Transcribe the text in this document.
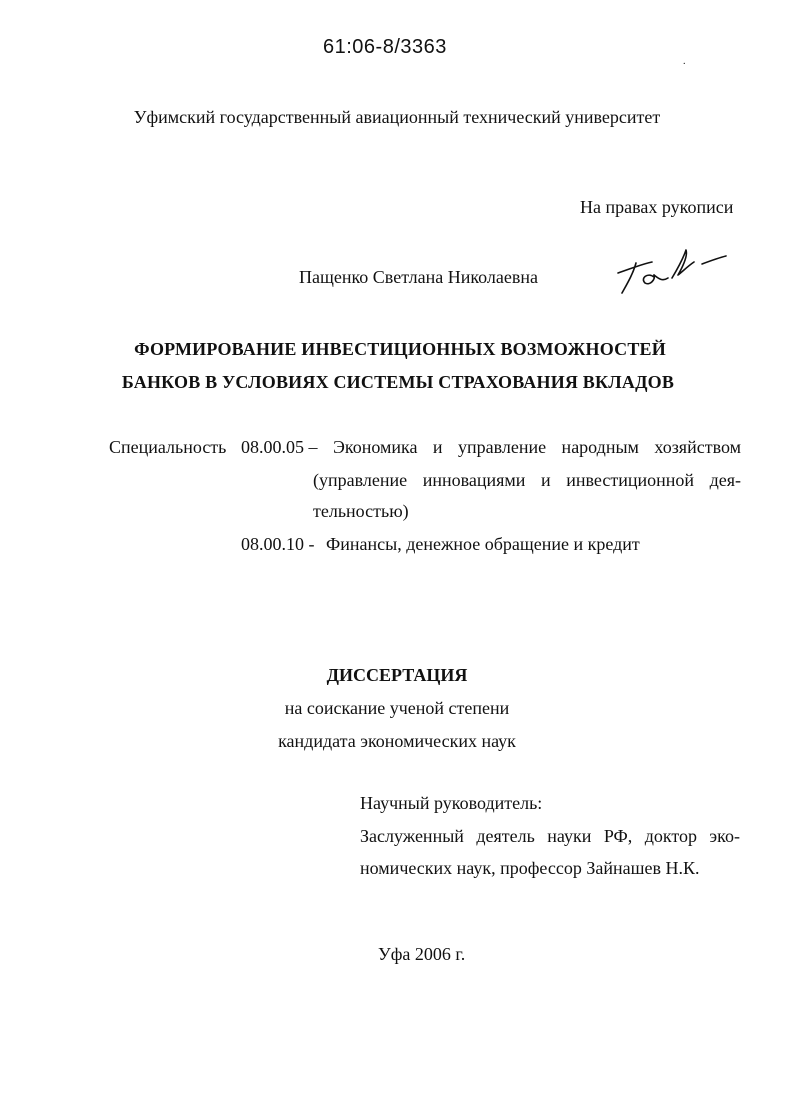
61:06-8/3363
.
Уфимский государственный авиационный технический университет
На правах рукописи
Пащенко Светлана Николаевна
ФОРМИРОВАНИЕ ИНВЕСТИЦИОННЫХ ВОЗМОЖНОСТЕЙ
БАНКОВ В УСЛОВИЯХ СИСТЕМЫ СТРАХОВАНИЯ ВКЛАДОВ
Специальность 08.00.05 – Экономика и управление народным хозяйством
(управление инновациями и инвестиционной дея-
тельностью)
08.00.10 - Финансы, денежное обращение и кредит
ДИССЕРТАЦИЯ
на соискание ученой степени
кандидата экономических наук
Научный руководитель:
Заслуженный деятель науки РФ, доктор эко-
номических наук, профессор Зайнашев Н.К.
Уфа 2006 г.
